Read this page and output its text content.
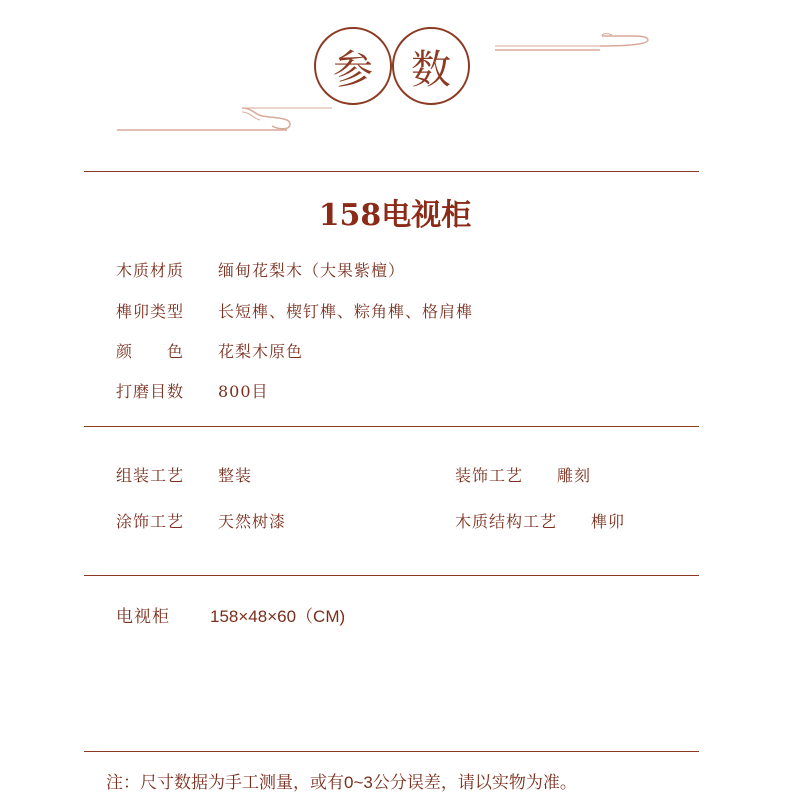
参 数
158电视柜
木质材质 缅甸花梨木（大果紫檀）
榫卯类型 长短榫、楔钉榫、粽角榫、格肩榫
颜　　色 花梨木原色
打磨目数 800目
组装工艺 整装	装饰工艺 雕刻
涂饰工艺 天然树漆	木质结构工艺 榫卯
电视柜 158×48×60（CM)
注：尺寸数据为手工测量，或有0~3公分误差，请以实物为准。
